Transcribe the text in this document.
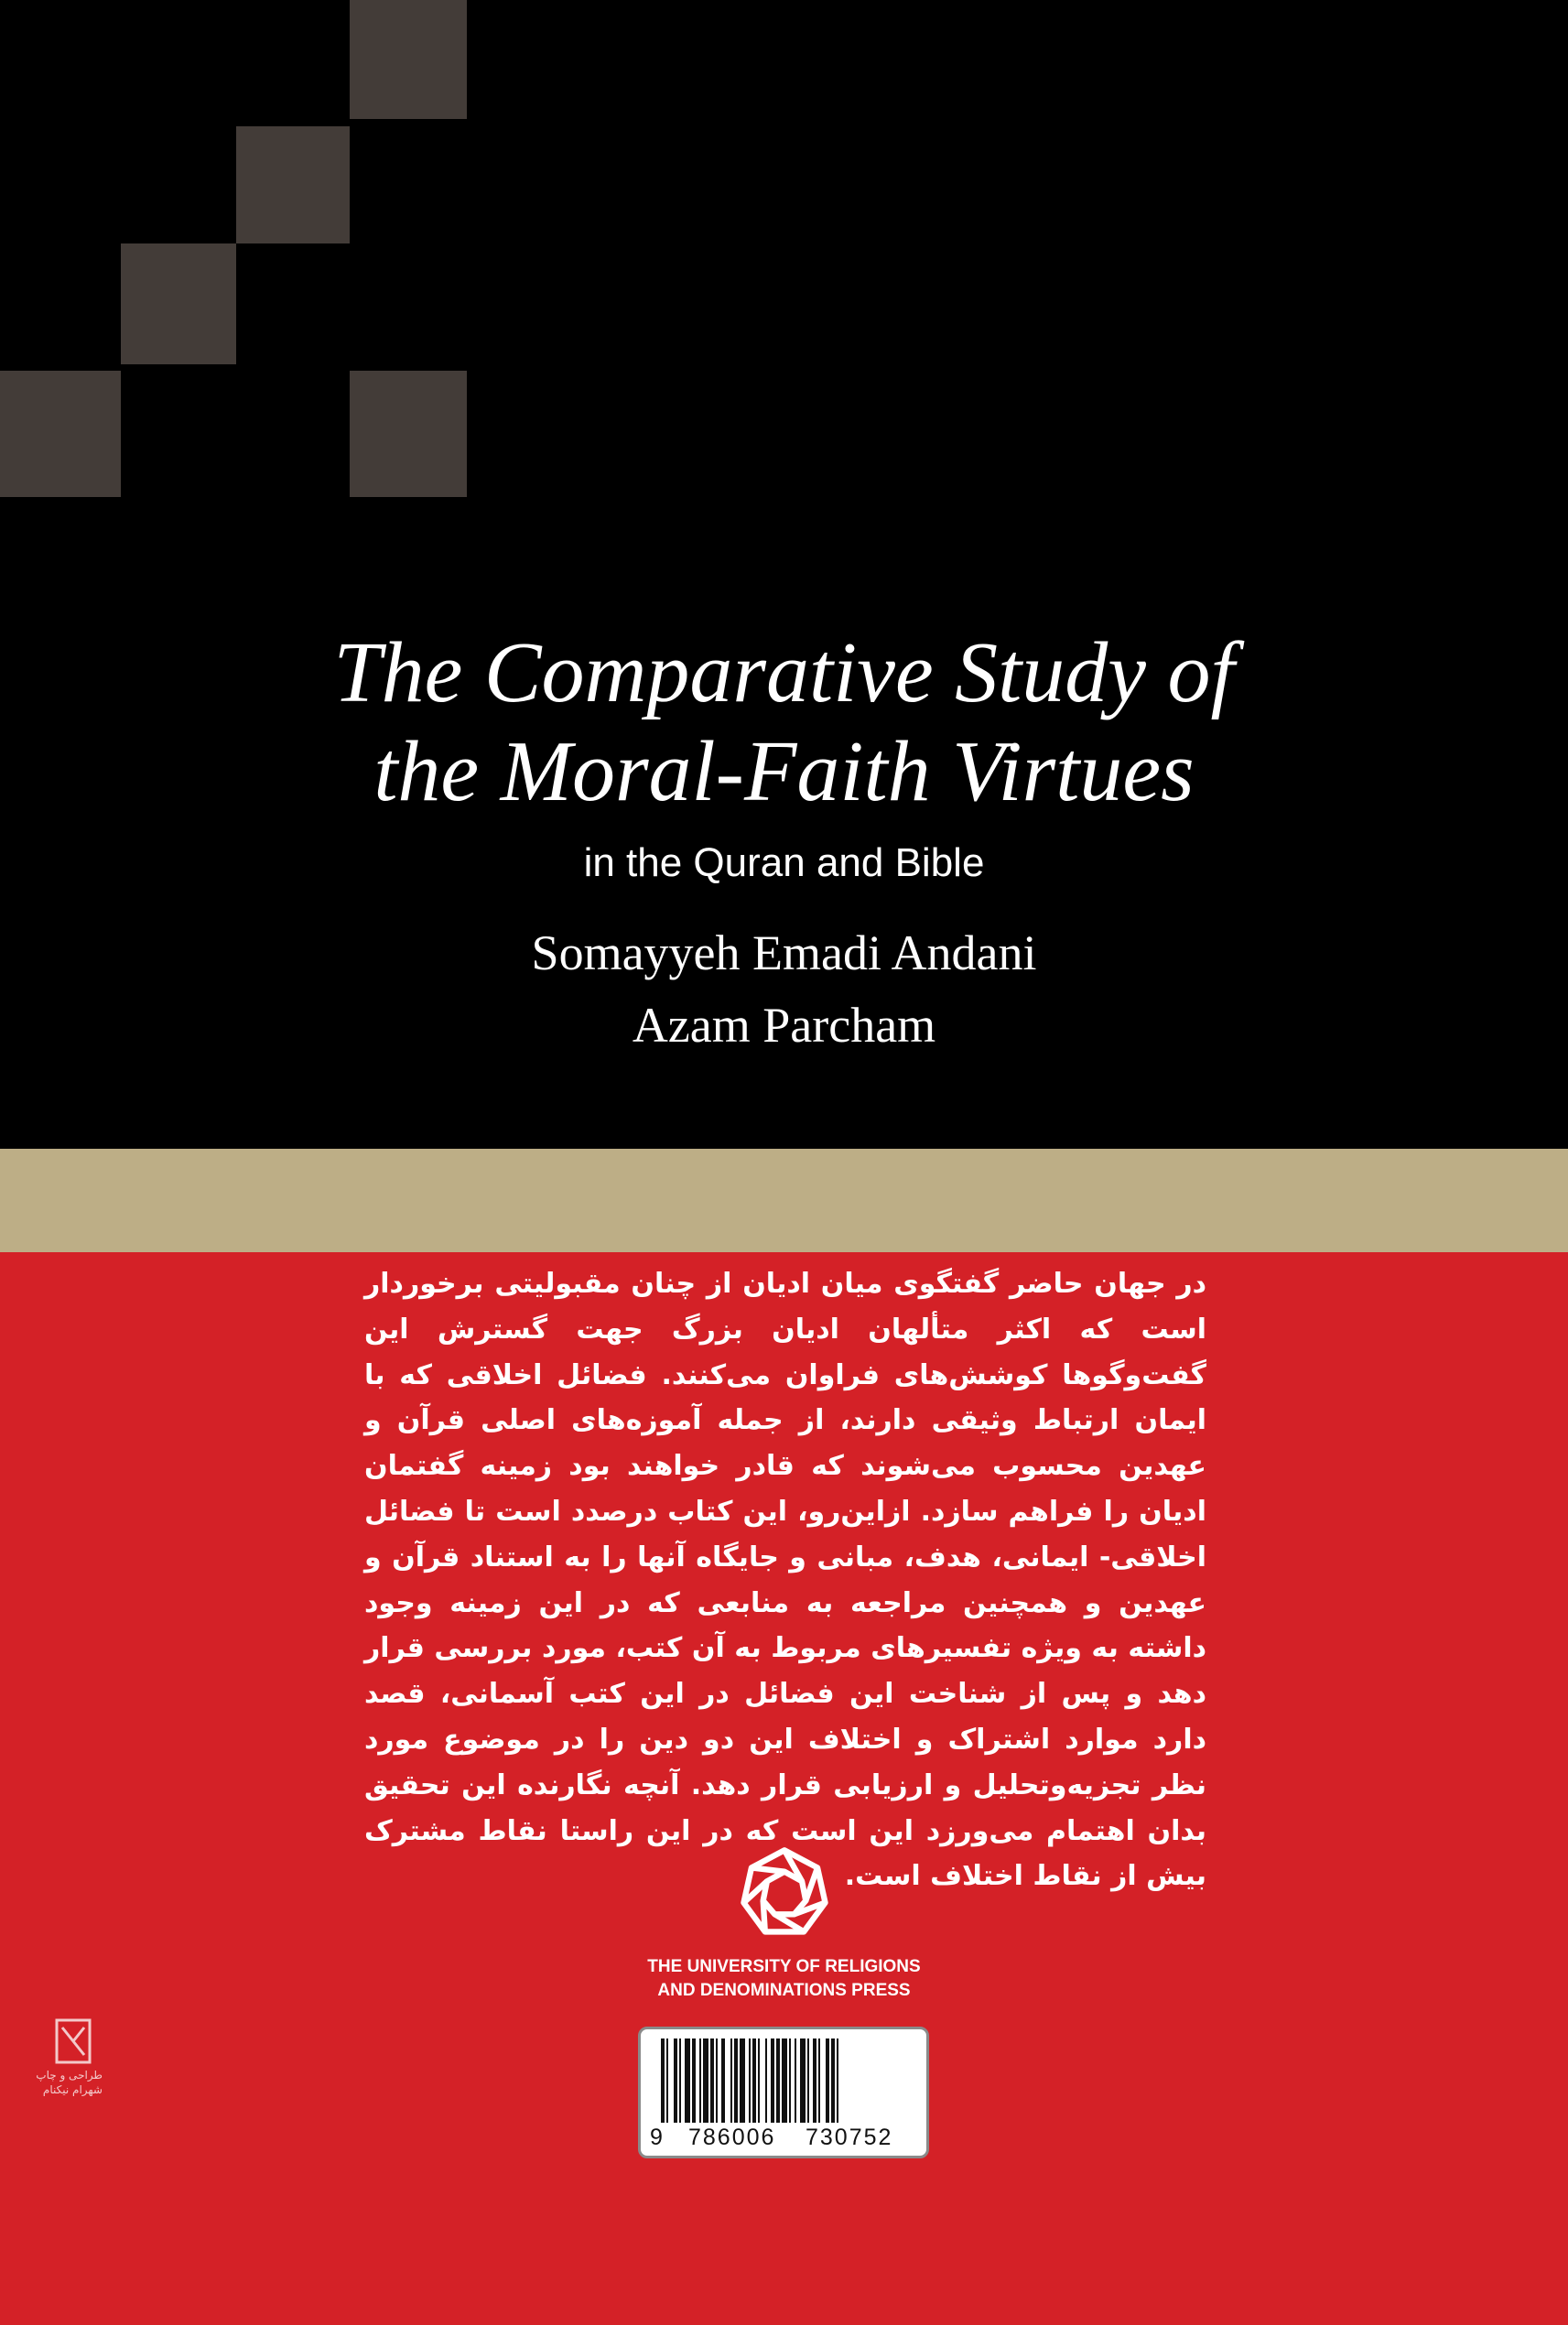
The Comparative Study of
the Moral-Faith Virtues
in the Quran and Bible
Somayyeh Emadi Andani
Azam Parcham
در جهان حاضر گفتگوی میان ادیان از چنان مقبولیتی برخوردار است که اکثر متألهان ادیان بزرگ جهت گسترش این گفت‌وگوها کوشش‌های فراوان می‌کنند. فضائل اخلاقی که با ایمان ارتباط وثیقی دارند، از جمله آموزه‌های اصلی قرآن و عهدین محسوب می‌شوند که قادر خواهند بود زمینه گفتمان ادیان را فراهم سازد. ازاین‌رو، این کتاب درصدد است تا فضائل اخلاقی- ایمانی، هدف، مبانی و جایگاه آنها را به استناد قرآن و عهدین و همچنین مراجعه به منابعی که در این زمینه وجود داشته به ویژه تفسیرهای مربوط به آن کتب، مورد بررسی قرار دهد و پس از شناخت این فضائل در این کتب آسمانی، قصد دارد موارد اشتراک و اختلاف این دو دین را در موضوع مورد نظر تجزیه‌وتحلیل و ارزیابی قرار دهد. آنچه نگارنده این تحقیق بدان اهتمام می‌ورزد این است که در این راستا نقاط مشترک بیش از نقاط اختلاف است.
THE UNIVERSITY OF RELIGIONS
AND DENOMINATIONS PRESS
9 786006 730752
طراحی و چاپ
شهرام نیکنام
